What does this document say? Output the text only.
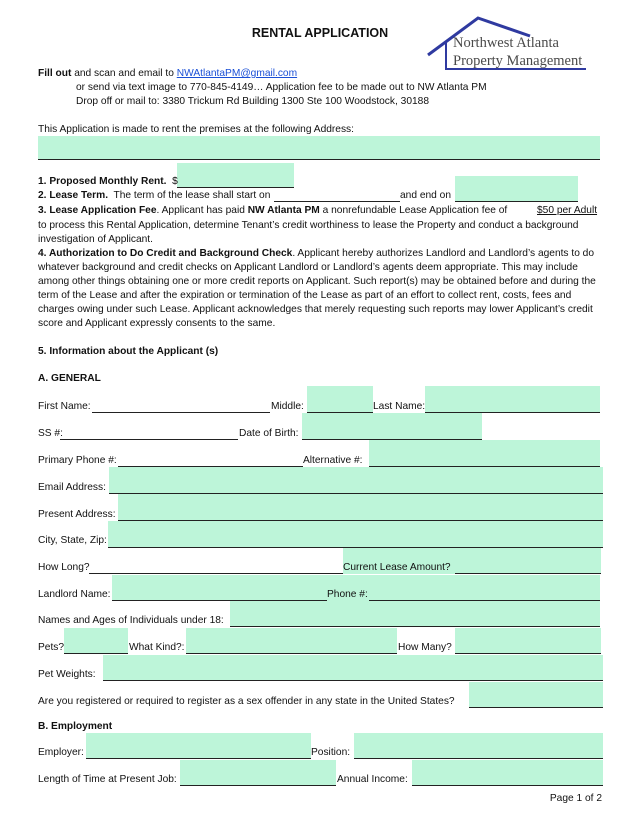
RENTAL APPLICATION
Northwest Atlanta
Property Management
Fill out and scan and email to NWAtlantaPM@gmail.com
or send via text image to 770-845-4149… Application fee to be made out to NW Atlanta PM
Drop off or mail to: 3380 Trickum Rd Building 1300 Ste 100 Woodstock, 30188
This Application is made to rent the premises at the following Address:
1. Proposed Monthly Rent. $
2. Lease Term. The term of the lease shall start on	and end on
3. Lease Application Fee. Applicant has paid NW Atlanta PM a nonrefundable Lease Application fee of	$50 per Adult
to process this Rental Application, determine Tenant’s credit worthiness to lease the Property and conduct a background investigation of Applicant.
4. Authorization to Do Credit and Background Check. Applicant hereby authorizes Landlord and Landlord’s agents to do whatever background and credit checks on Applicant Landlord or Landlord’s agents deem appropriate. This may include among other things obtaining one or more credit reports on Applicant. Such report(s) may be obtained before and during the term of the Lease and after the expiration or termination of the Lease as part of an effort to collect rent, costs, fees and charges owing under such Lease. Applicant acknowledges that merely requesting such reports may lower Applicant’s credit score and Applicant expressly consents to the same.
5. Information about the Applicant (s)
A. GENERAL
First Name:	Middle:	Last Name:
SS #:	Date of Birth:
Primary Phone #:	Alternative #:
Email Address:
Present Address:
City, State, Zip:
How Long?	Current Lease Amount?
Landlord Name:	Phone #:
Names and Ages of Individuals under 18:
Pets?	What Kind?:	How Many?
Pet Weights:
Are you registered or required to register as a sex offender in any state in the United States?
B. Employment
Employer:	Position:
Length of Time at Present Job:	Annual Income:
Page 1 of 2
